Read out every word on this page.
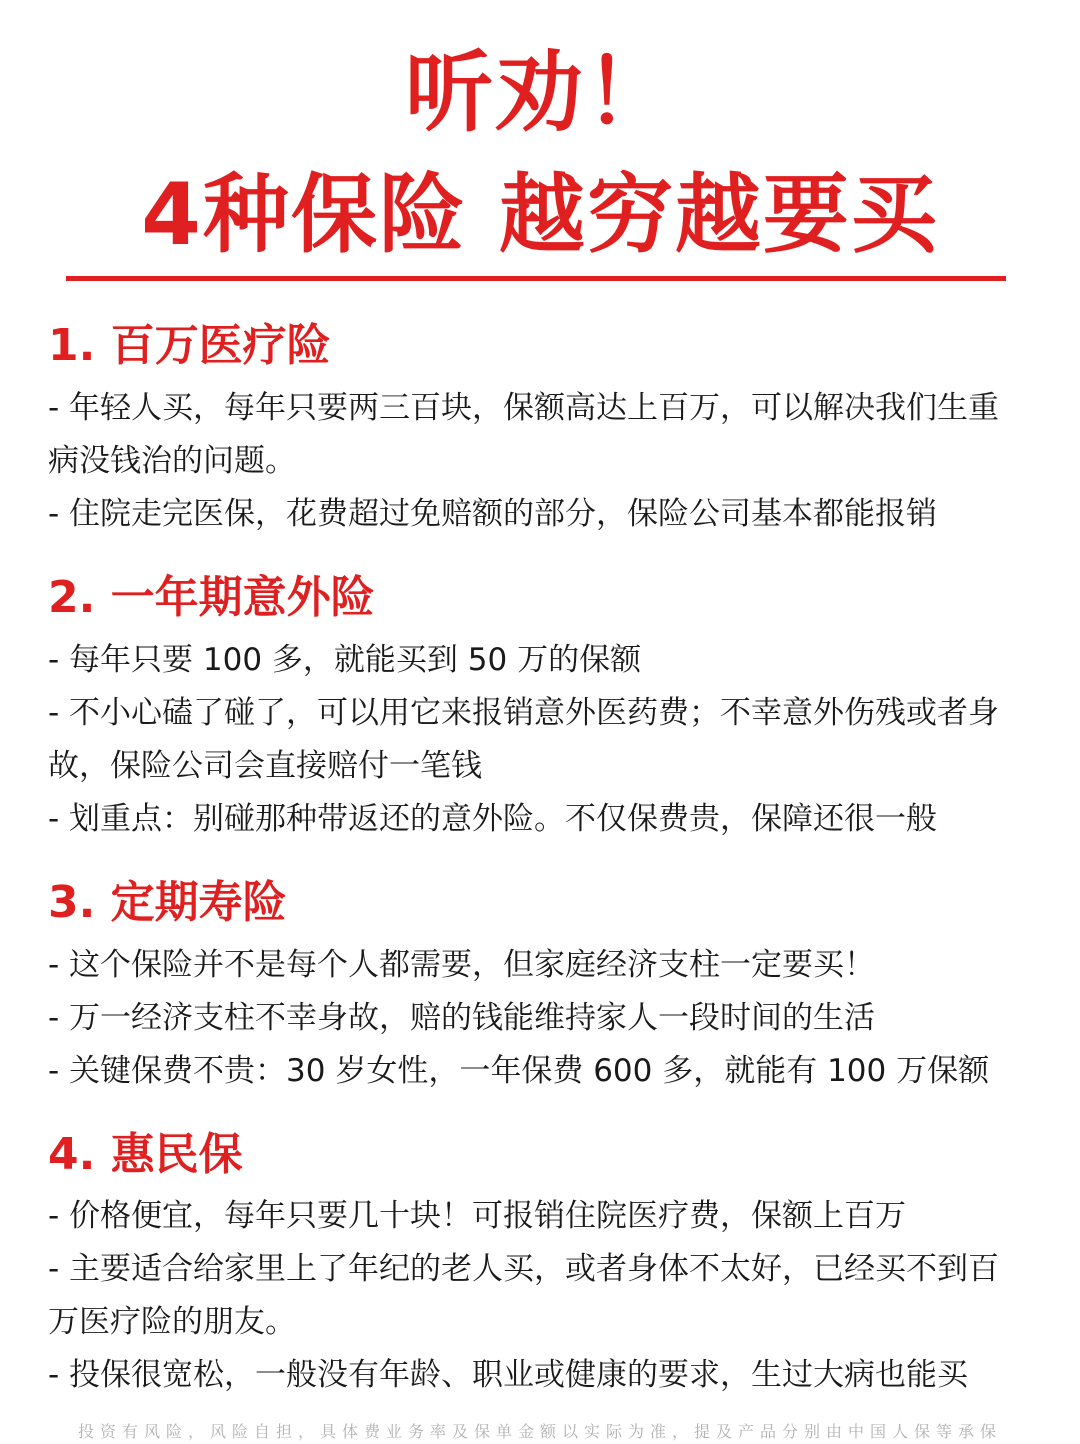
听劝！
4种保险 越穷越要买
1. 百万医疗险

- 年轻人买，每年只要两三百块，保额高达上百万，可以解决我们生重

病没钱治的问题。

- 住院走完医保，花费超过免赔额的部分，保险公司基本都能报销

2. 一年期意外险

- 每年只要 100 多，就能买到 50 万的保额

- 不小心磕了碰了，可以用它来报销意外医药费；不幸意外伤残或者身

故，保险公司会直接赔付一笔钱

- 划重点：别碰那种带返还的意外险。不仅保费贵，保障还很一般

3. 定期寿险

- 这个保险并不是每个人都需要，但家庭经济支柱一定要买！

- 万一经济支柱不幸身故，赔的钱能维持家人一段时间的生活

- 关键保费不贵：30 岁女性，一年保费 600 多，就能有 100 万保额

4. 惠民保

- 价格便宜，每年只要几十块！可报销住院医疗费，保额上百万

- 主要适合给家里上了年纪的老人买，或者身体不太好，已经买不到百

万医疗险的朋友。

- 投保很宽松，一般没有年龄、职业或健康的要求，生过大病也能买

投资有风险，风险自担，具体费业务率及保单金额以实际为准，提及产品分别由中国人保等承保
